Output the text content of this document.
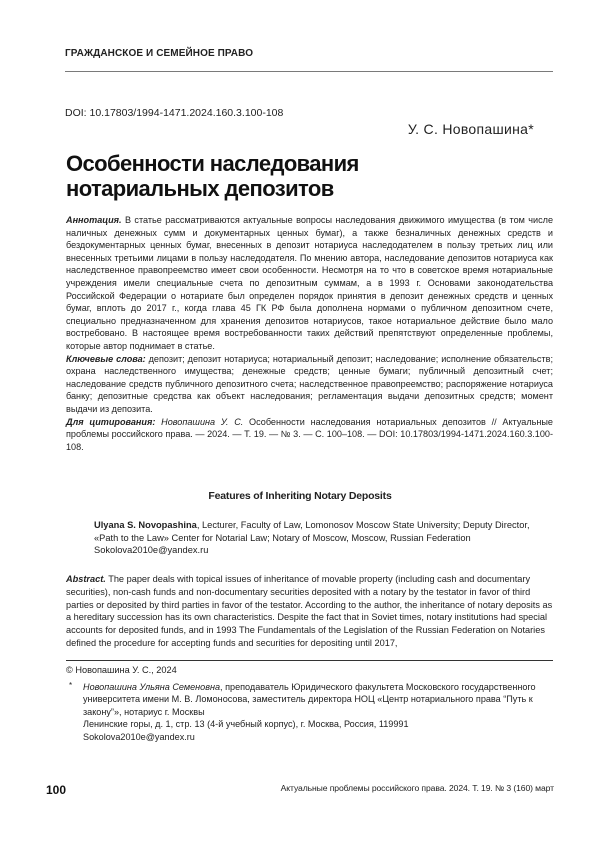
ГРАЖДАНСКОЕ И СЕМЕЙНОЕ ПРАВО
DOI: 10.17803/1994-1471.2024.160.3.100-108
У. С. Новопашина*
Особенности наследования
нотариальных депозитов

Аннотация. В статье рассматриваются актуальные вопросы наследования движимого имущества (в том числе наличных денежных сумм и документарных ценных бумаг), а также безналичных денежных средств и бездокументарных ценных бумаг, внесенных в депозит нотариуса наследодателем в пользу третьих лиц или внесенных третьими лицами в пользу наследодателя. По мнению автора, наследование депозитов нотариуса как наследственное правопреемство имеет свои особенности. Несмотря на то что в советское время нотариальные учреждения имели специальные счета по депозитным суммам, а в 1993 г. Основами законодательства Российской Федерации о нотариате был определен порядок принятия в депозит денежных средств и ценных бумаг, вплоть до 2017 г., когда глава 45 ГК РФ была дополнена нормами о публичном депозитном счете, специально предназначенном для хранения депозитов нотариусов, такое нотариальное действие было мало востребовано. В настоящее время востребованности таких действий препятствуют определенные проблемы, которые автор поднимает в статье.

Ключевые слова: депозит; депозит нотариуса; нотариальный депозит; наследование; исполнение обязательств; охрана наследственного имущества; денежные средств; ценные бумаги; публичный депозитный счет; наследование средств публичного депозитного счета; наследственное правопреемство; распоряжение нотариуса банку; депозитные средства как объект наследования; регламентация выдачи депозитных средств; момент выдачи из депозита.

Для цитирования: Новопашина У. С. Особенности наследования нотариальных депозитов // Актуальные проблемы российского права. — 2024. — Т. 19. — № 3. — С. 100–108. — DOI: 10.17803/1994-1471.2024.160.3.100-108.

Features of Inheriting Notary Deposits
Ulyana S. Novopashina, Lecturer, Faculty of Law, Lomonosov Moscow State University; Deputy Director, «Path to the Law» Center for Notarial Law; Notary of Moscow, Moscow, Russian Federation
Sokolova2010e@yandex.ru
Abstract. The paper deals with topical issues of inheritance of movable property (including cash and documentary securities), non-cash funds and non-documentary securities deposited with a notary by the testator in favor of third parties or deposited by third parties in favor of the testator. According to the author, the inheritance of notary deposits as a hereditary succession has its own characteristics. Despite the fact that in Soviet times, notary institutions had special accounts for deposited funds, and in 1993 The Fundamentals of the Legislation of the Russian Federation on Notaries defined the procedure for accepting funds and securities for depositing until 2017,
© Новопашина У. С., 2024
* Новопашина Ульяна Семеновна, преподаватель Юридического факультета Московского государственного университета имени М. В. Ломоносова, заместитель директора НОЦ «Центр нотариального права “Путь к закону”», нотариус г. Москвы
Ленинские горы, д. 1, стр. 13 (4-й учебный корпус), г. Москва, Россия, 119991
Sokolova2010e@yandex.ru
100	Актуальные проблемы российского права. 2024. Т. 19. № 3 (160) март
